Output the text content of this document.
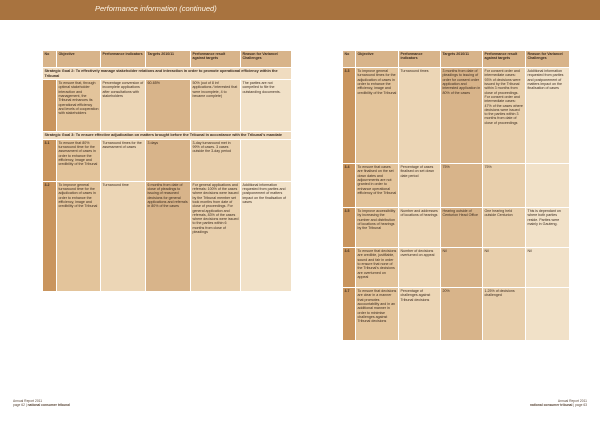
Performance information (continued)
No	Objective	Performance indicators	Targets 2010/11	Performance result against targets	Reason for Variance/ Challenges
Strategic Goal 2: To effectively manage stakeholder relations and interaction in order to promote operational efficiency within the Tribunal					
	To ensure that, through optimal stakeholder interaction and management, the Tribunal enhances its operational efficiency and levels of cooperation with stakeholders	Percentage conversion of incomplete applications after consultations with stakeholders	60-65%	50% (out of 8 inf applications / interested that were incomplete, 4 to became complete)	The parties are not compelled to file the outstanding documents.
Strategic Goal 3: To ensure effective adjudication on matters brought before the Tribunal in accordance with the Tribunal's mandate					
3.1	To ensure that 80% turnaround time for the assessment of cases in order to enhance the efficiency, image and credibility of the Tribunal	Turnaround times for the assessment of cases	3 days	3-day turnaround met in 99% of cases. 3 cases outside the 3-day period	
3.2	To improve general turnaround time for the adjudication of cases in order to enhance the efficiency, image and credibility of the Tribunal	Turnaround time	6 months from date of close of pleadings to issuing of reasoned decisions for general applications and referrals in 80% of the cases	For general applications and referrals: 100% of the cases where decisions were issued by the Tribunal member set took months from date of close of proceedings. For general application and referrals, 83% of the cases where decisions were issued to the parties within 6 months from close of pleadings	Additional information requested from parties and postponement of matters impact on the finalisation of cases
No	Objective	Performance indicators	Targets 2010/11	Performance result against targets	Reason for Variance/ Challenges
3.3	To improve general turnaround times for the adjudication of cases in order to enhance the efficiency, image and credibility of the Tribunal	Turnaround times	3 months from date of pleadings to issuing of order for consent order application and interested application in 80% of the cases	For consent order and intermediate cases: 93% of decisions were issued by the Tribunal within 3 months from close of proceedings. For consent order and intermediate cases: 47% of the cases where decisions were issued to the parties within 3 months from date of close of proceedings	Additional information requested from parties and postponement of matters impact on the finalisation of cases
3.4	To ensure that cases are finalised on the set down dates and adjournments are not granted in order to enhance operational efficiency of the Tribunal	Percentage of cases finalised on set down date period	75%	75%	
3.5	To improve accessibility by increasing the number and distribution of locations of hearings by the Tribunal	Number and addresses of locations of hearings	Hearing outside of Centurion Head Office	One hearing held outside Centurion	This is dependant on where both parties reside. Parties were mainly in Gauteng.
3.6	To ensure that decisions are credible, justifiable, sound and fair in order to ensure that none of the Tribunal's decisions are overturned on appeal	Number of decisions overturned on appeal	Nil	Nil	Nil
3.7	To ensure that decisions are clear in a manner that promotes accountability and in an additional manner in order to minimise challenges against Tribunal decisions	Percentage of challenges against Tribunal decisions	20%	1.25% of decisions challenged	
Annual Report 2011
page 62 | national consumer tribunal
Annual Report 2011
national consumer tribunal | page 63
